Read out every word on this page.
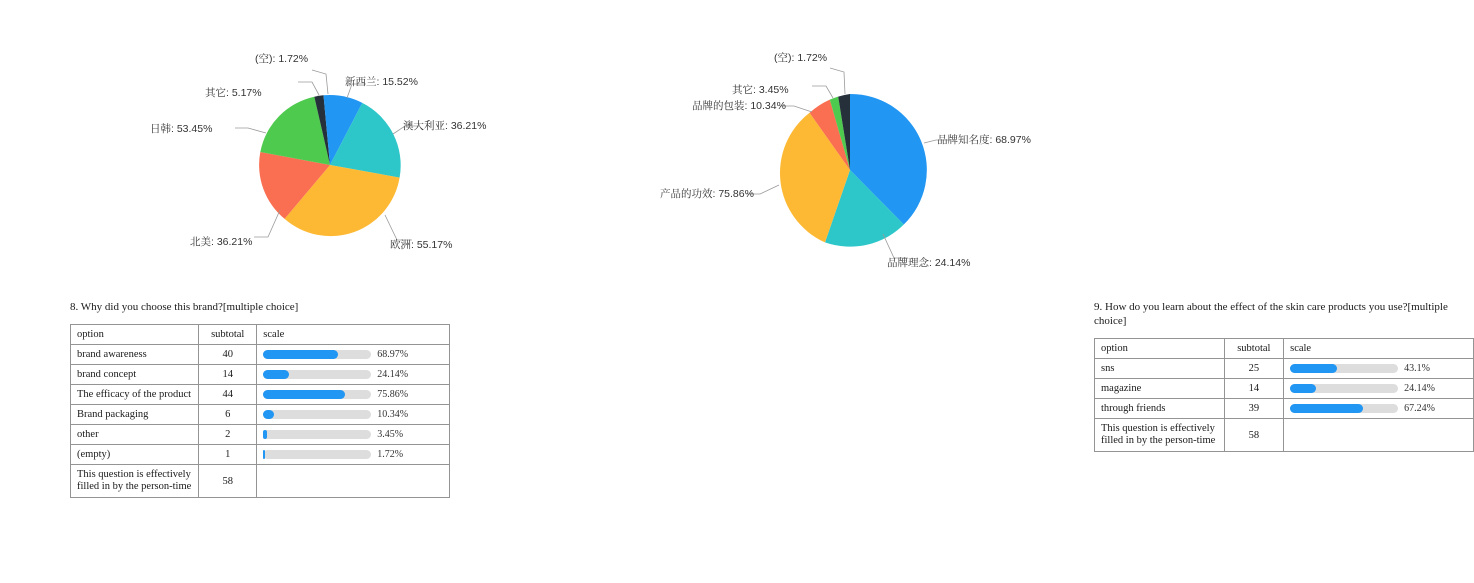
新西兰: 15.52%
澳大利亚: 36.21%
欧洲: 55.17%
北美: 36.21%
日韩: 53.45%
其它: 5.17%
(空): 1.72%

8. Why did you choose this brand?[multiple choice]

option	subtotal	scale
brand awareness	40	68.97%

brand concept	14	24.14%

The efficacy of the product	44	75.86%

Brand packaging	6	10.34%

other	2	3.45%

(empty)	1	1.72%

This question is effectively filled in by the person-time	58	
品牌知名度: 68.97%
品牌理念: 24.14%
产品的功效: 75.86%
品牌的包装: 10.34%
其它: 3.45%
(空): 1.72%

9. How do you learn about the effect of the skin care products you use?[multiple choice]

option	subtotal	scale
sns	25	43.1%

magazine	14	24.14%

through friends	39	67.24%

This question is effectively filled in by the person-time	58	
